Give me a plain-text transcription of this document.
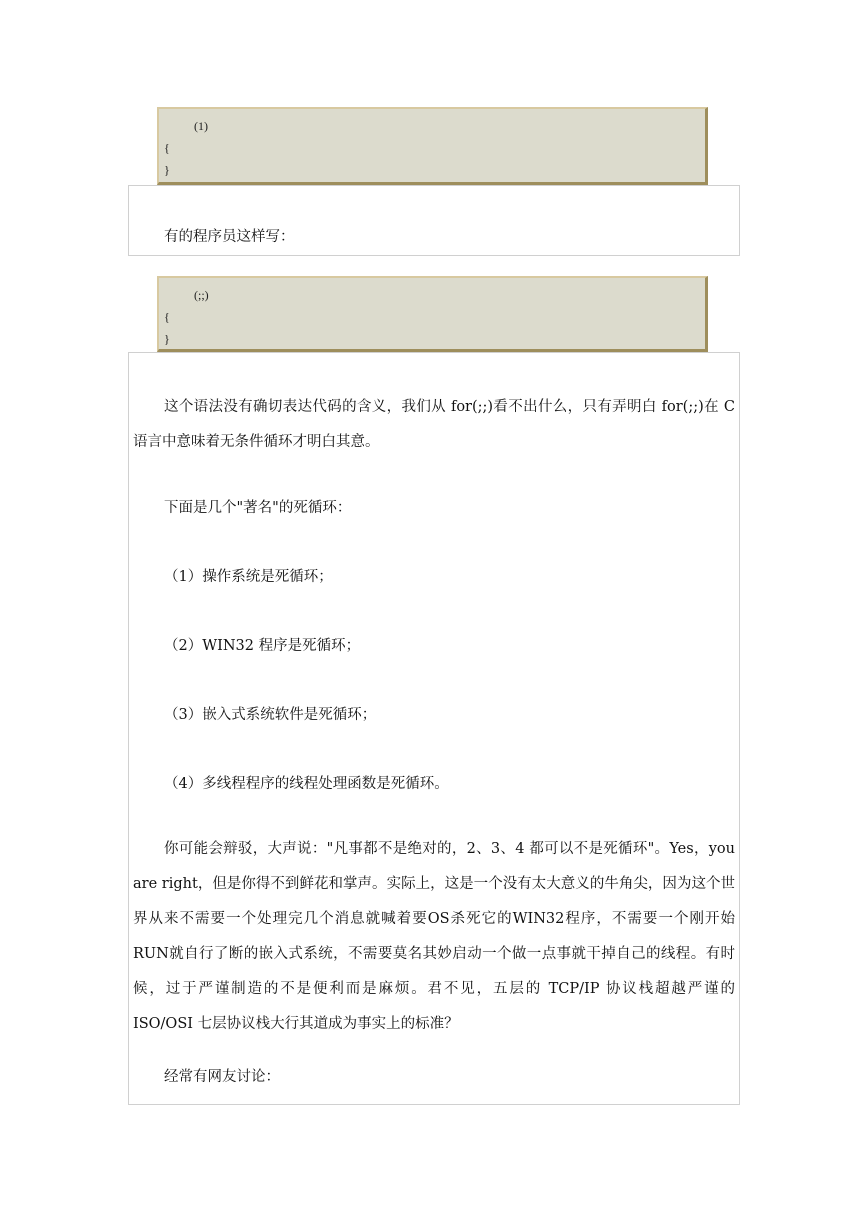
(1)
{
}

有的程序员这样写：

(;;)
{
}

这个语法没有确切表达代码的含义，我们从 for(;;)看不出什么，只有弄明白 for(;;)在 C 语言中意味着无条件循环才明白其意。

下面是几个"著名"的死循环：

（1）操作系统是死循环；

（2）WIN32 程序是死循环；

（3）嵌入式系统软件是死循环；

（4）多线程程序的线程处理函数是死循环。

你可能会辩驳，大声说："凡事都不是绝对的，2、3、4 都可以不是死循环"。Yes，you are right，但是你得不到鲜花和掌声。实际上，这是一个没有太大意义的牛角尖，因为这个世界从来不需要一个处理完几个消息就喊着要OS杀死它的WIN32程序，不需要一个刚开始RUN就自行了断的嵌入式系统，不需要莫名其妙启动一个做一点事就干掉自己的线程。有时候，过于严谨制造的不是便利而是麻烦。君不见，五层的 TCP/IP 协议栈超越严谨的 ISO/OSI 七层协议栈大行其道成为事实上的标准？

经常有网友讨论：
